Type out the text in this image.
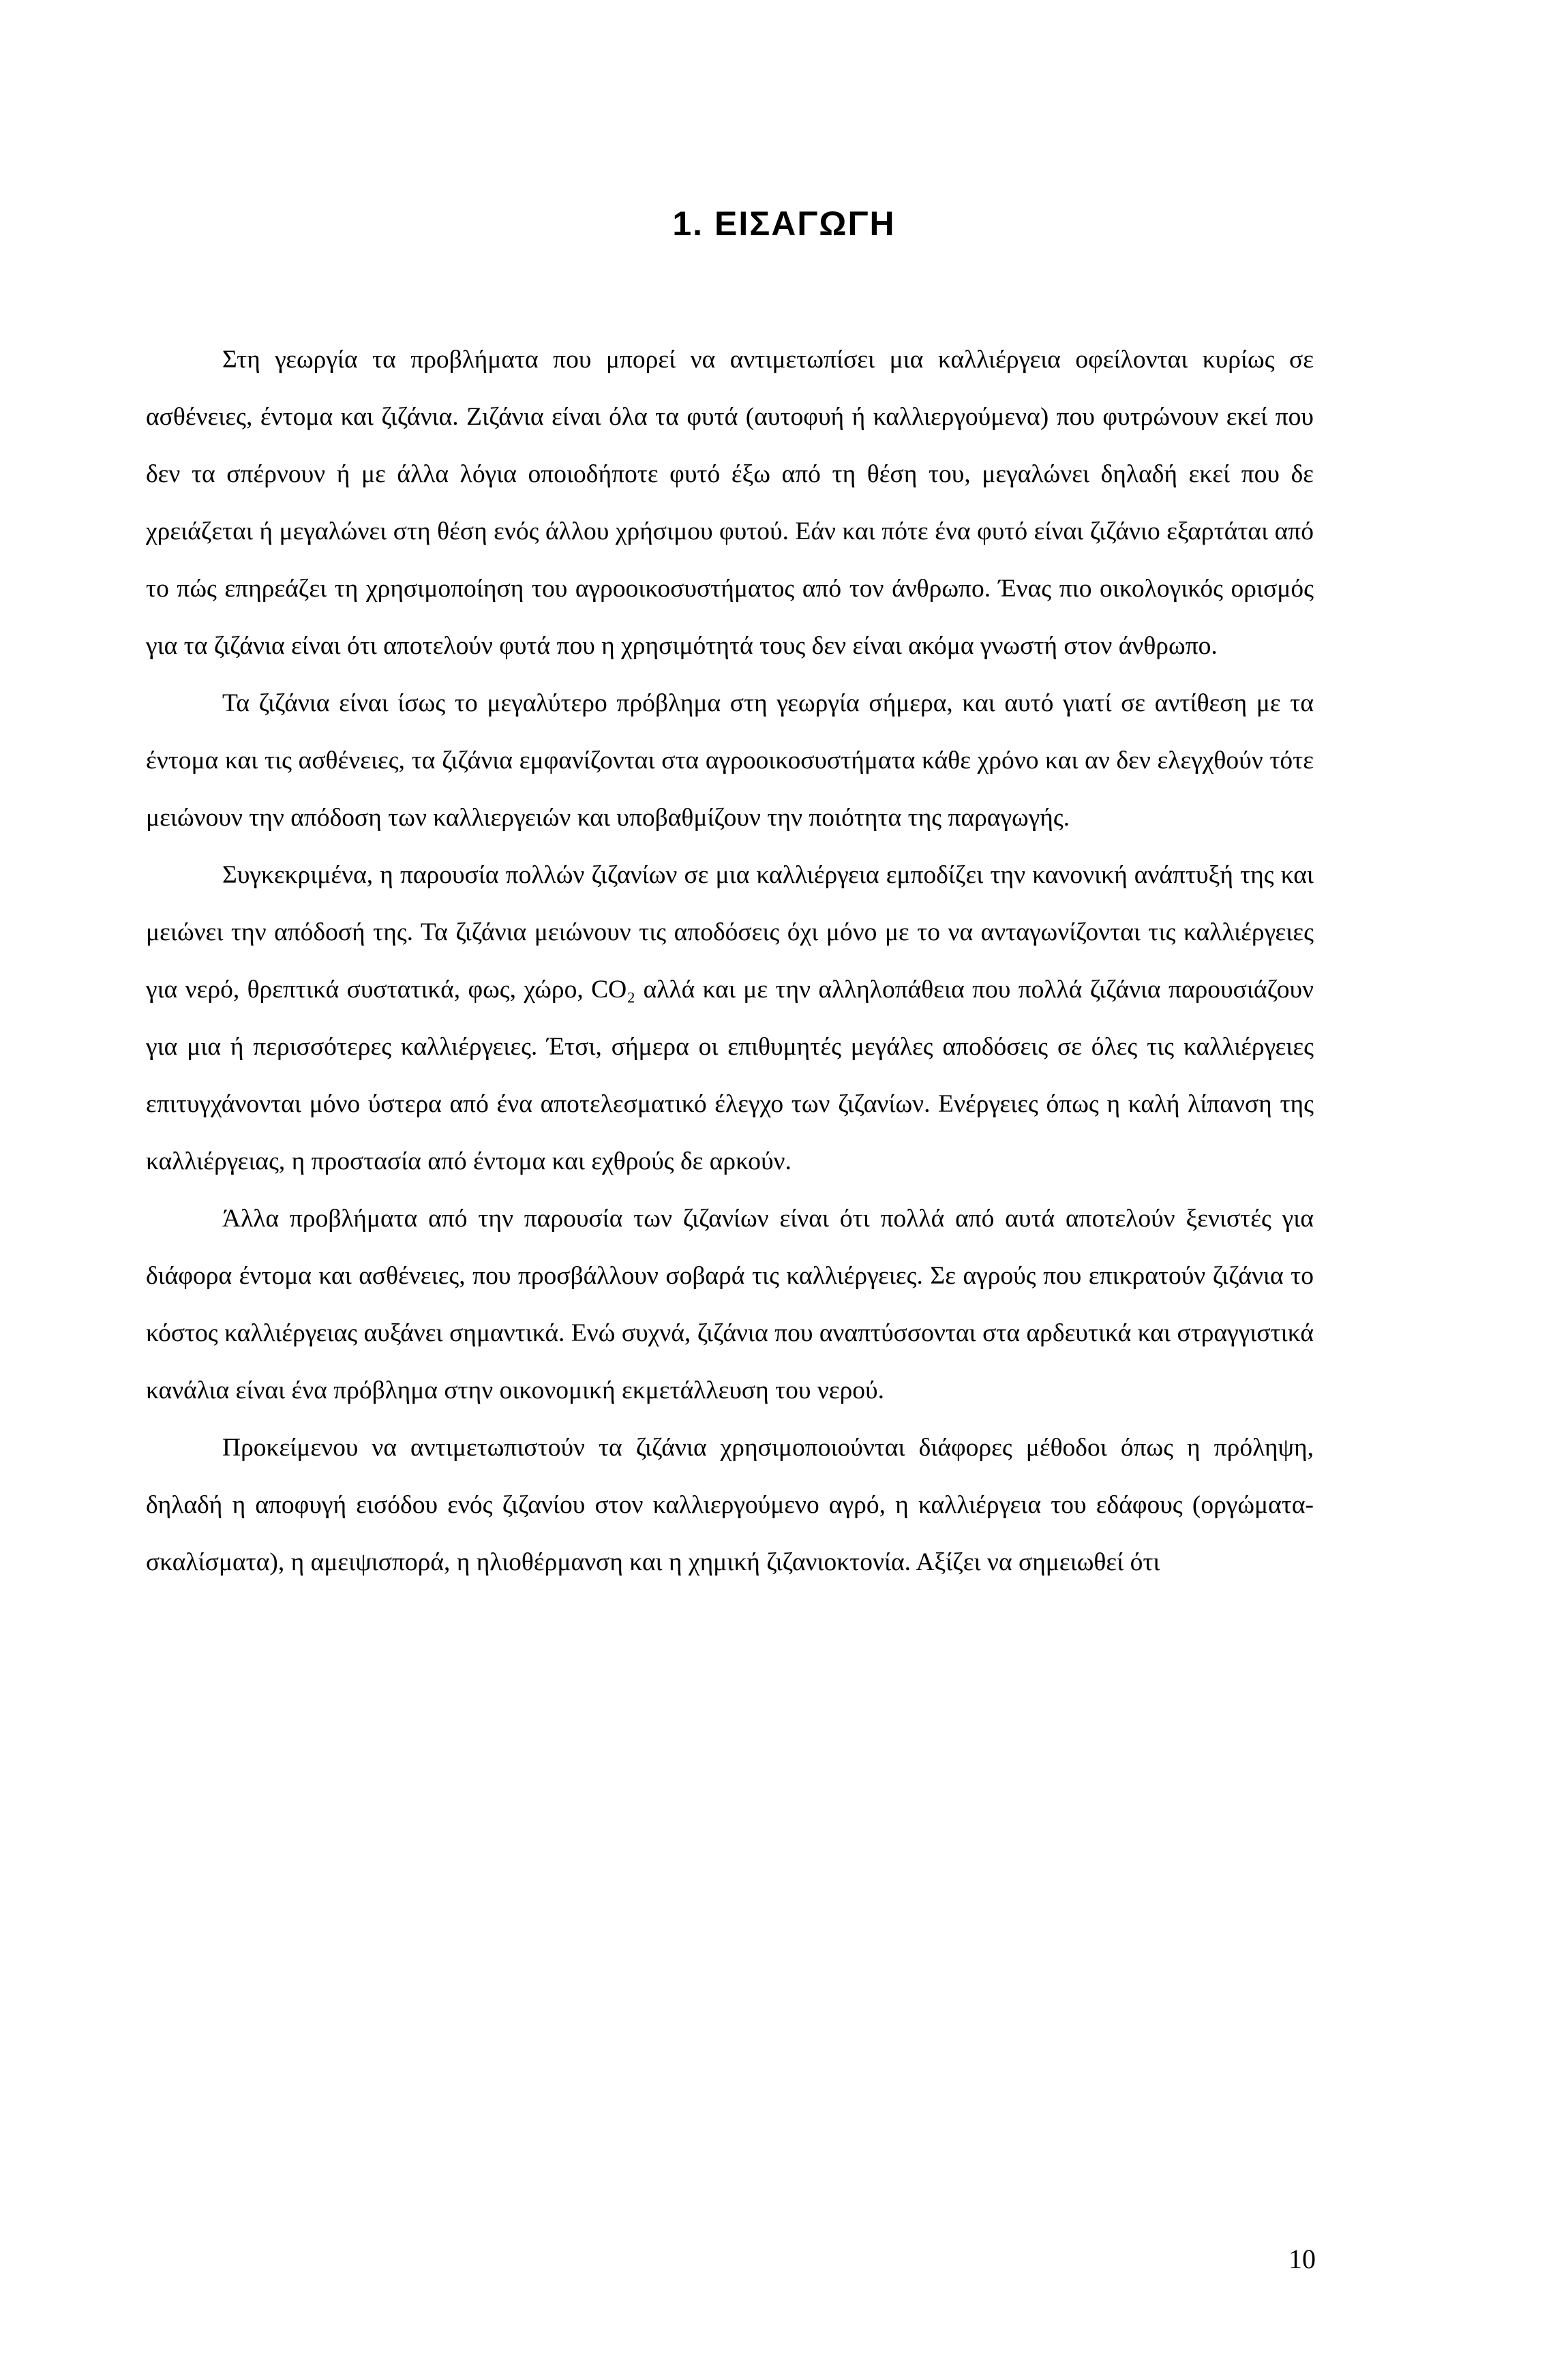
1. ΕΙΣΑΓΩΓΗ

Στη γεωργία τα προβλήματα που μπορεί να αντιμετωπίσει μια καλλιέργεια οφείλονται κυρίως σε ασθένειες, έντομα και ζιζάνια. Ζιζάνια είναι όλα τα φυτά (αυτοφυή ή καλλιεργούμενα) που φυτρώνουν εκεί που δεν τα σπέρνουν ή με άλλα λόγια οποιοδήποτε φυτό έξω από τη θέση του, μεγαλώνει δηλαδή εκεί που δε χρειάζεται ή μεγαλώνει στη θέση ενός άλλου χρήσιμου φυτού. Εάν και πότε ένα φυτό είναι ζιζάνιο εξαρτάται από το πώς επηρεάζει τη χρησιμοποίηση του αγροοικοσυστήματος από τον άνθρωπο. Ένας πιο οικολογικός ορισμός για τα ζιζάνια είναι ότι αποτελούν φυτά που η χρησιμότητά τους δεν είναι ακόμα γνωστή στον άνθρωπο.

Τα ζιζάνια είναι ίσως το μεγαλύτερο πρόβλημα στη γεωργία σήμερα, και αυτό γιατί σε αντίθεση με τα έντομα και τις ασθένειες, τα ζιζάνια εμφανίζονται στα αγροοικοσυστήματα κάθε χρόνο και αν δεν ελεγχθούν τότε μειώνουν την απόδοση των καλλιεργειών και υποβαθμίζουν την ποιότητα της παραγωγής.

Συγκεκριμένα, η παρουσία πολλών ζιζανίων σε μια καλλιέργεια εμποδίζει την κανονική ανάπτυξή της και μειώνει την απόδοσή της. Τα ζιζάνια μειώνουν τις αποδόσεις όχι μόνο με το να ανταγωνίζονται τις καλλιέργειες για νερό, θρεπτικά συστατικά, φως, χώρο, CO₂ αλλά και με την αλληλοπάθεια που πολλά ζιζάνια παρουσιάζουν για μια ή περισσότερες καλλιέργειες. Έτσι, σήμερα οι επιθυμητές μεγάλες αποδόσεις σε όλες τις καλλιέργειες επιτυγχάνονται μόνο ύστερα από ένα αποτελεσματικό έλεγχο των ζιζανίων. Ενέργειες όπως η καλή λίπανση της καλλιέργειας, η προστασία από έντομα και εχθρούς δε αρκούν.

Άλλα προβλήματα από την παρουσία των ζιζανίων είναι ότι πολλά από αυτά αποτελούν ξενιστές για διάφορα έντομα και ασθένειες, που προσβάλλουν σοβαρά τις καλλιέργειες. Σε αγρούς που επικρατούν ζιζάνια το κόστος καλλιέργειας αυξάνει σημαντικά. Ενώ συχνά, ζιζάνια που αναπτύσσονται στα αρδευτικά και στραγγιστικά κανάλια είναι ένα πρόβλημα στην οικονομική εκμετάλλευση του νερού.

Προκείμενου να αντιμετωπιστούν τα ζιζάνια χρησιμοποιούνται διάφορες μέθοδοι όπως η πρόληψη, δηλαδή η αποφυγή εισόδου ενός ζιζανίου στον καλλιεργούμενο αγρό, η καλλιέργεια του εδάφους (οργώματα-σκαλίσματα), η αμειψισπορά, η ηλιοθέρμανση και η χημική ζιζανιοκτονία. Αξίζει να σημειωθεί ότι

10
